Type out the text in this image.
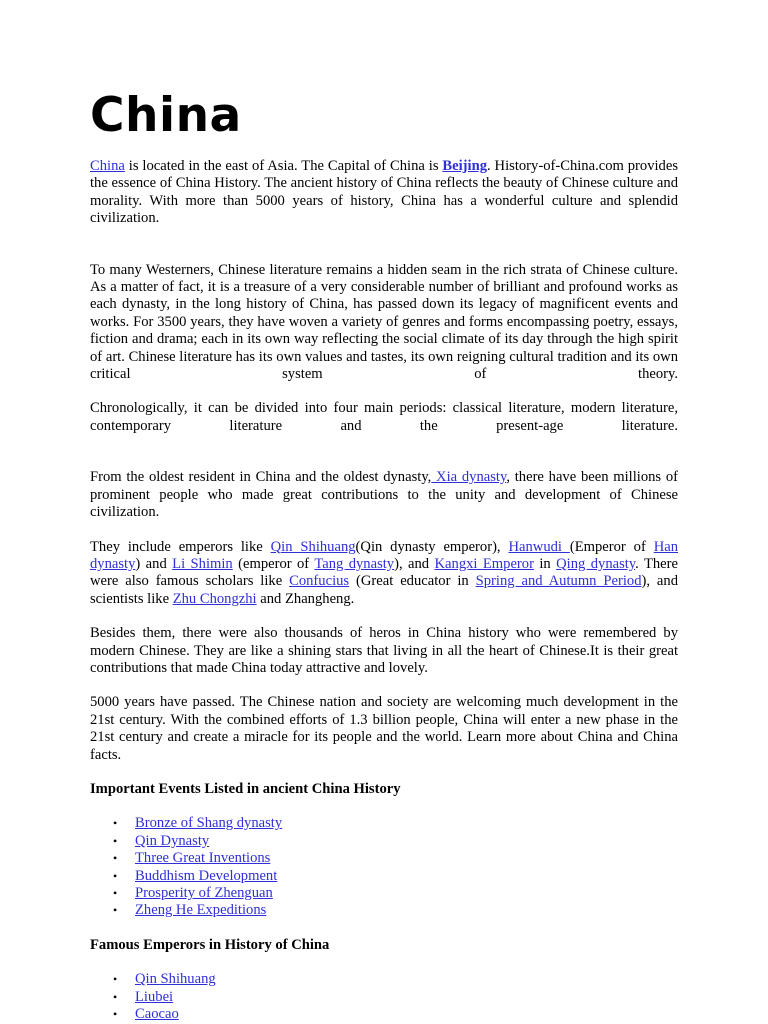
China

China is located in the east of Asia. The Capital of China is Beijing. History-of-China.com provides the essence of China History. The ancient history of China reflects the beauty of Chinese culture and morality. With more than 5000 years of history, China has a wonderful culture and splendid civilization.

To many Westerners, Chinese literature remains a hidden seam in the rich strata of Chinese culture. As a matter of fact, it is a treasure of a very considerable number of brilliant and profound works as each dynasty, in the long history of China, has passed down its legacy of magnificent events and works. For 3500 years, they have woven a variety of genres and forms encompassing poetry, essays, fiction and drama; each in its own way reflecting the social climate of its day through the high spirit of art. Chinese literature has its own values and tastes, its own reigning cultural tradition and its own critical system of theory.

Chronologically, it can be divided into four main periods: classical literature, modern literature, contemporary literature and the present-age literature.

From the oldest resident in China and the oldest dynasty, Xia dynasty, there have been millions of prominent people who made great contributions to the unity and development of Chinese civilization.

They include emperors like Qin Shihuang(Qin dynasty emperor), Hanwudi (Emperor of Han dynasty) and Li Shimin (emperor of Tang dynasty), and Kangxi Emperor in Qing dynasty. There were also famous scholars like Confucius (Great educator in Spring and Autumn Period), and scientists like Zhu Chongzhi and Zhangheng.

Besides them, there were also thousands of heros in China history who were remembered by modern Chinese. They are like a shining stars that living in all the heart of Chinese.It is their great contributions that made China today attractive and lovely.

5000 years have passed. The Chinese nation and society are welcoming much development in the 21st century. With the combined efforts of 1.3 billion people, China will enter a new phase in the 21st century and create a miracle for its people and the world. Learn more about China and China facts.

Important Events Listed in ancient China History
• Bronze of Shang dynasty
• Qin Dynasty
• Three Great Inventions
• Buddhism Development
• Prosperity of Zhenguan
• Zheng He Expeditions
Famous Emperors in History of China
• Qin Shihuang
• Liubei
• Caocao
